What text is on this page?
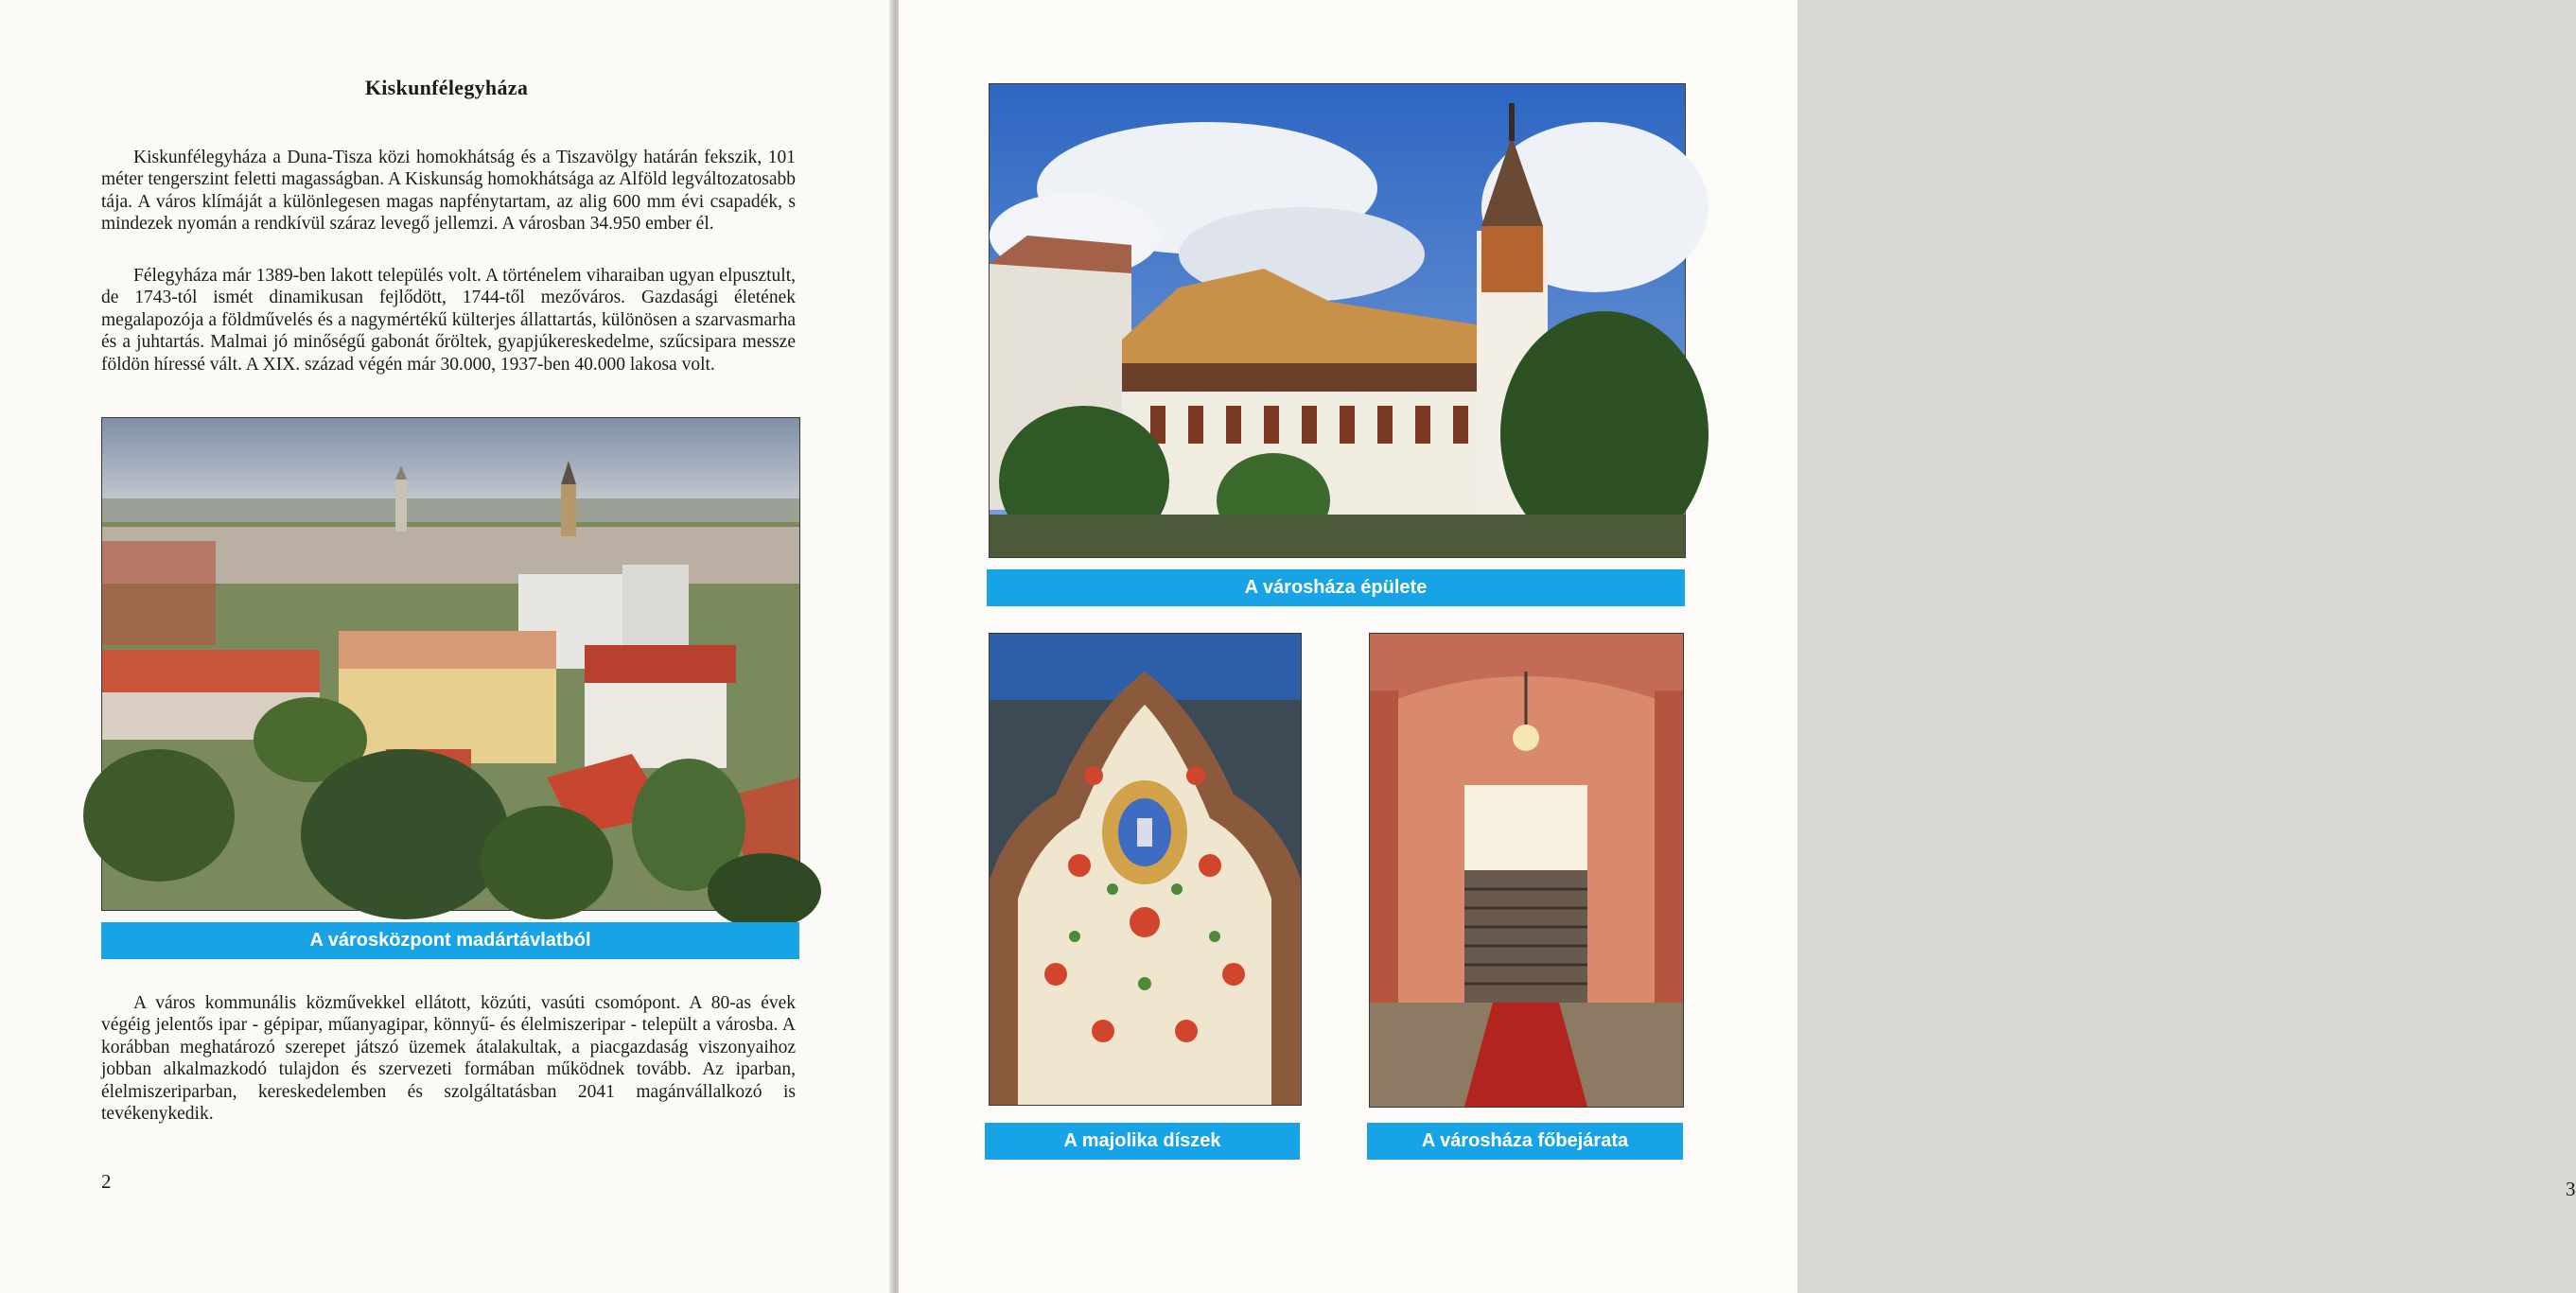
Kiskunfélegyháza

Kiskunfélegyháza a Duna-Tisza közi homokhátság és a Tiszavölgy határán fekszik, 101 méter tengerszint feletti magasságban. A Kiskunság homokhátsága az Alföld legváltozatosabb tája. A város klímáját a különlegesen magas napfénytartam, az alig 600 mm évi csapadék, s mindezek nyomán a rendkívül száraz levegő jellemzi. A városban 34.950 ember él.

Félegyháza már 1389-ben lakott település volt. A történelem viharaiban ugyan elpusztult, de 1743-tól ismét dinamikusan fejlődött, 1744-től mezőváros. Gazdasági életének megalapozója a földművelés és a nagymértékű külterjes állattartás, különösen a szarvasmarha és a juhtartás. Malmai jó minőségű gabonát őröltek, gyapjúkereskedelme, szűcsipara messze földön híressé vált. A XIX. század végén már 30.000, 1937-ben 40.000 lakosa volt.

A városközpont madártávlatból

A város kommunális közművekkel ellátott, közúti, vasúti csomópont. A 80-as évek végéig jelentős ipar - gépipar, műanyagipar, könnyű- és élelmiszeripar - települt a városba. A korábban meghatározó szerepet játszó üzemek átalakultak, a piacgazdaság viszonyaihoz jobban alkalmazkodó tulajdon és szervezeti formában működnek tovább. Az iparban, élelmiszeriparban, kereskedelemben és szolgáltatásban 2041 magánvállalkozó is tevékenykedik.

2
A városháza épülete
A majolika díszek	A városháza főbejárata
3
